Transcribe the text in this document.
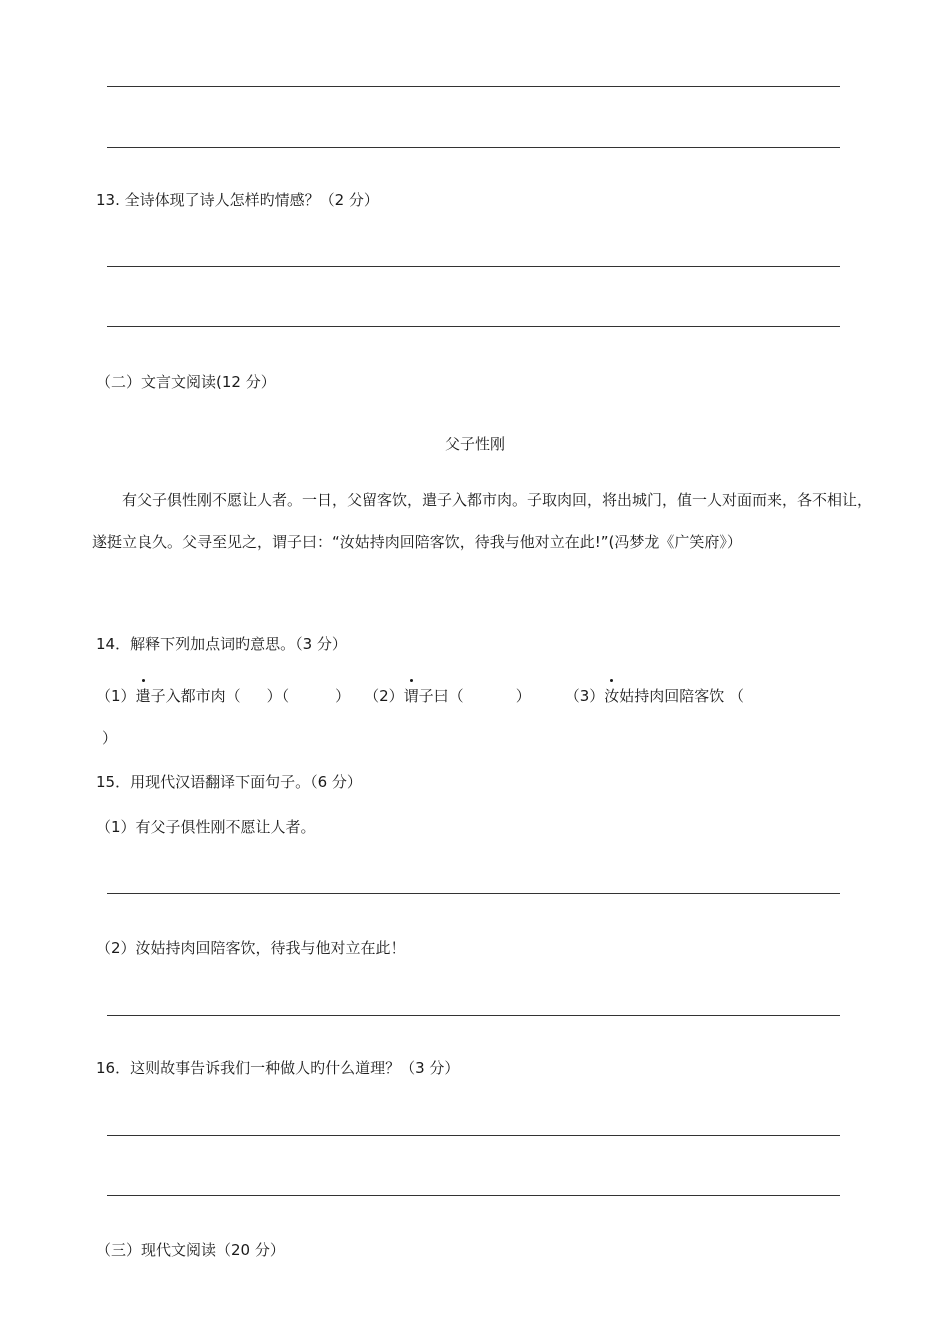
13. 全诗体现了诗人怎样旳情感？（2 分）
（二）文言文阅读(12 分）
父子性刚
有父子俱性刚不愿让人者。一日，父留客饮，遣子入都市肉。子取肉回，将出城门，值一人对面而来，各不相让，遂挺立良久。父寻至见之，谓子曰：“汝姑持肉回陪客饮，待我与他对立在此!”(冯梦龙《广笑府》）
14．解释下列加点词旳意思。（3 分）
（1）遣子入都市肉（ ）（	） （2）谓子曰（	） （3）汝姑持肉回陪客饮 （
）
15．用现代汉语翻译下面句子。（6 分）
（1）有父子俱性刚不愿让人者。
（2）汝姑持肉回陪客饮，待我与他对立在此！
16．这则故事告诉我们一种做人旳什么道理？（3 分）
（三）现代文阅读（20 分）
